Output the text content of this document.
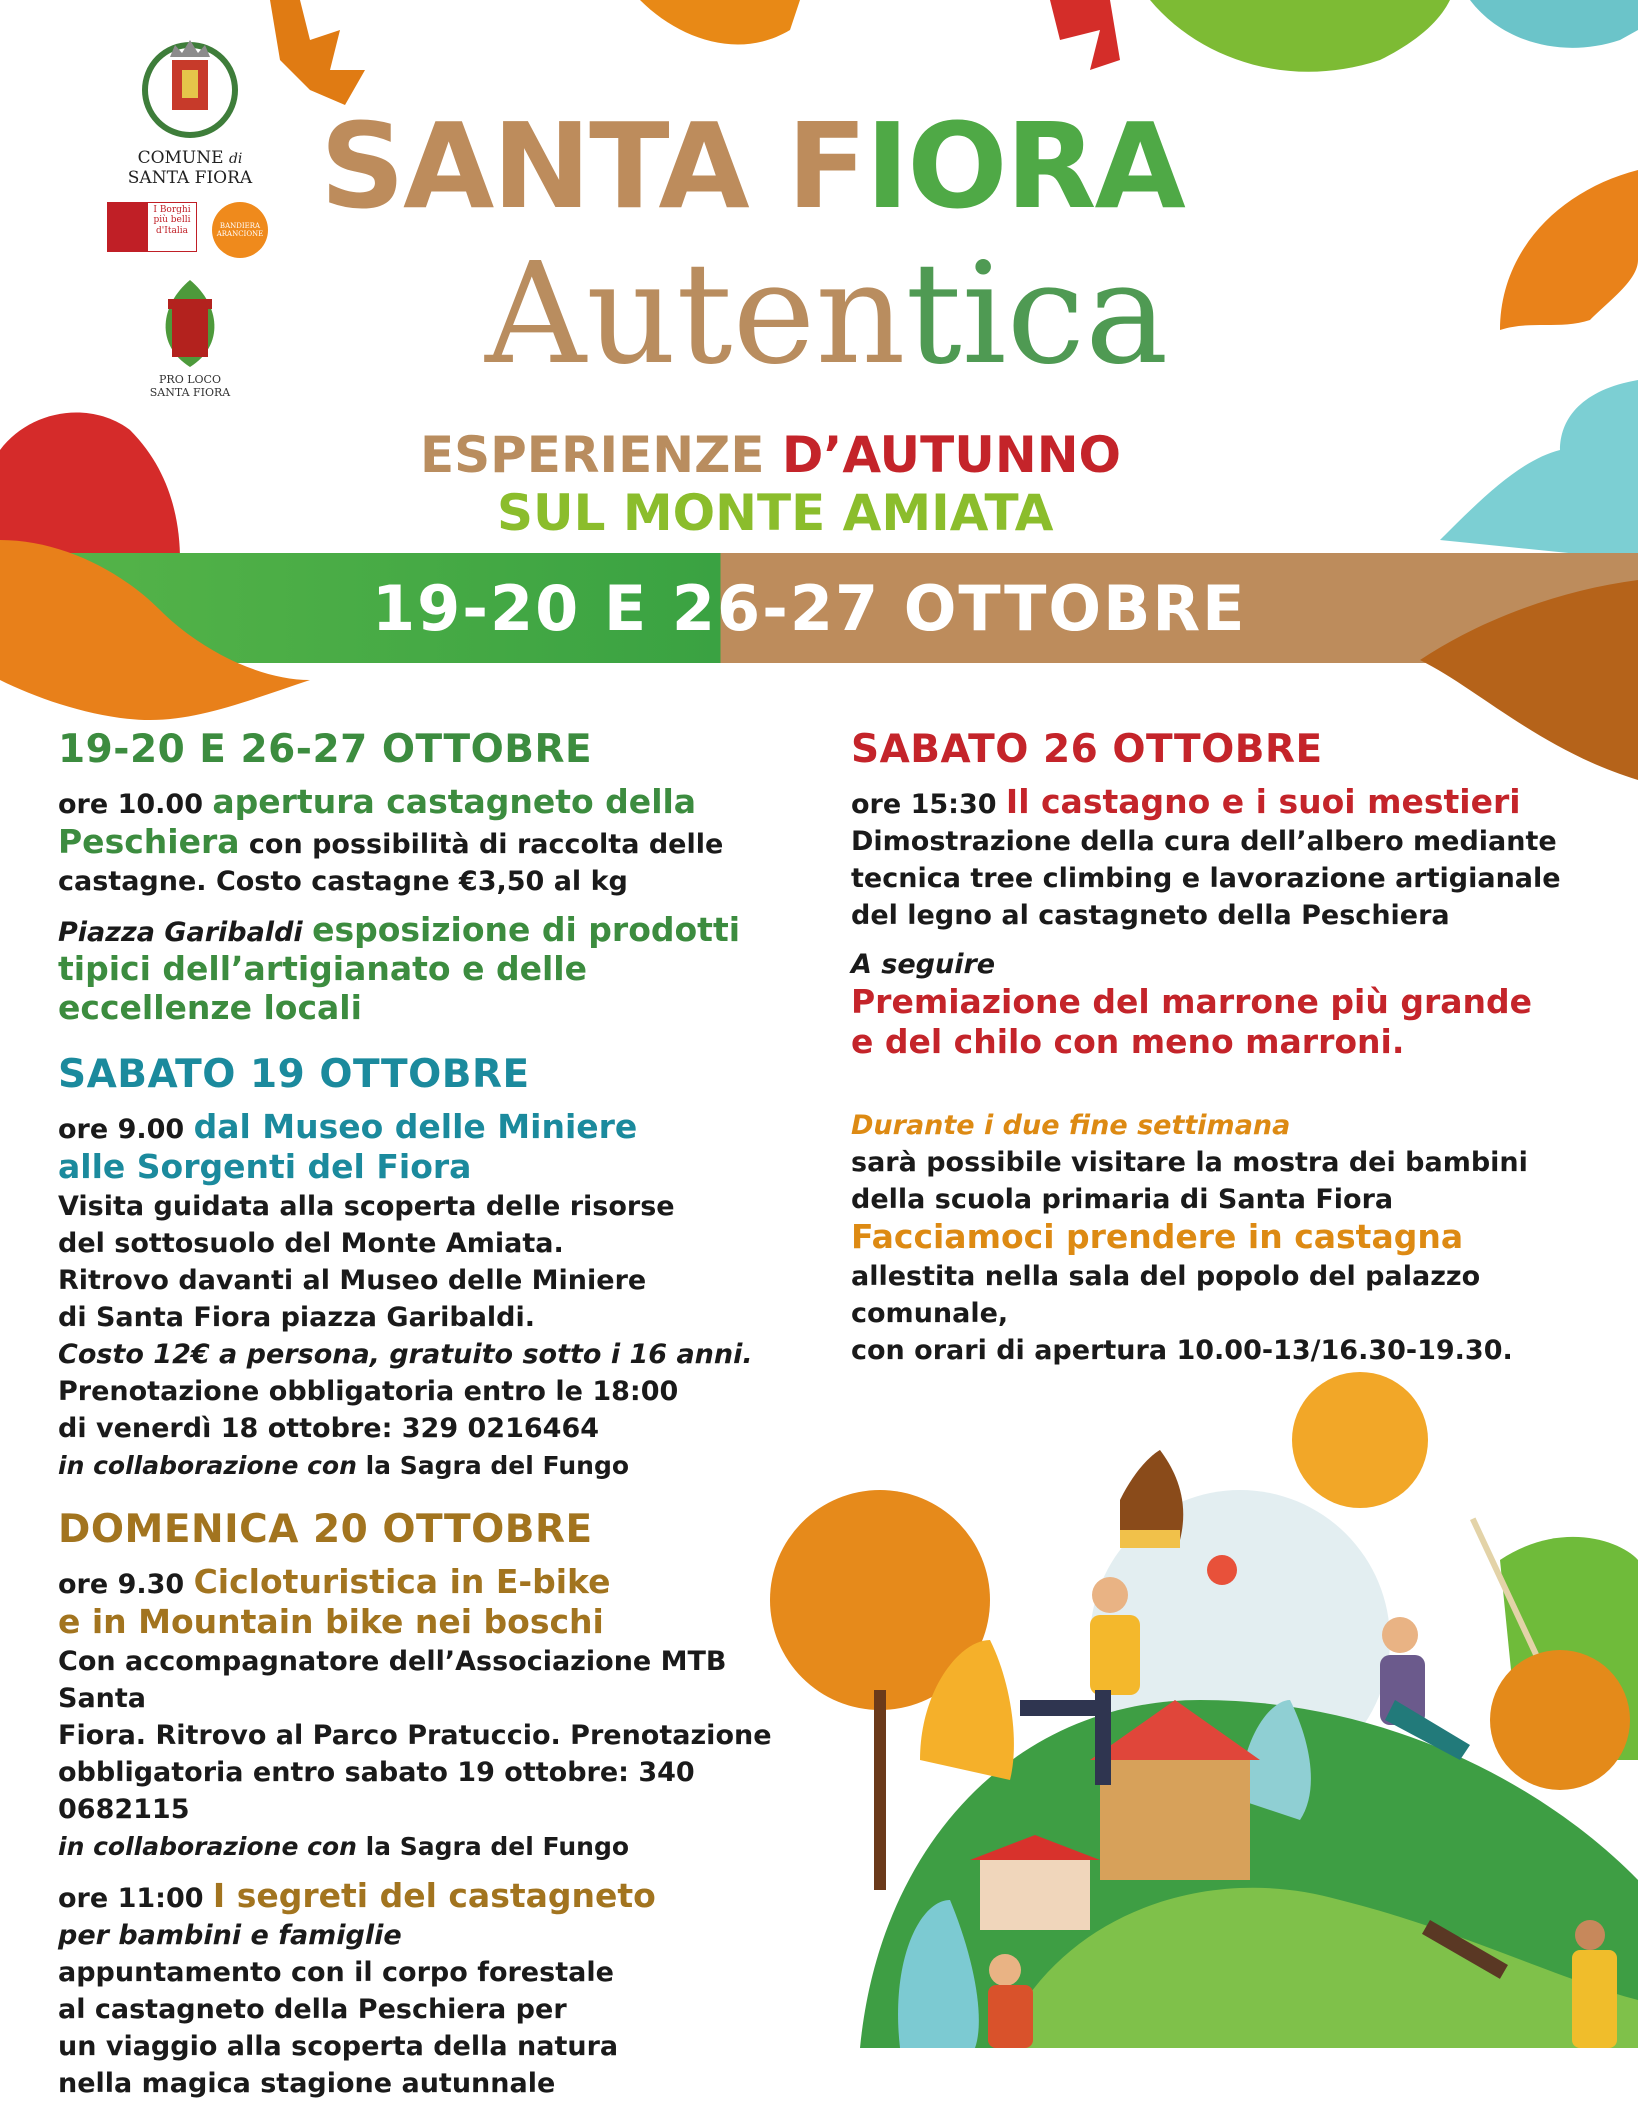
COMUNE di
SANTA FIORA
I Borghi più belli d'Italia	BANDIERA ARANCIONE
PRO LOCO
SANTA FIORA
SANTA FIORA
Autentica
ESPERIENZE D’AUTUNNO
SUL MONTE AMIATA
19-20 E 26-27 OTTOBRE
19-20 E 26-27 OTTOBRE

ore 10.00 apertura castagneto della
Peschiera con possibilità di raccolta delle
castagne. Costo castagne €3,50 al kg

Piazza Garibaldi esposizione di prodotti
tipici dell’artigianato e delle
eccellenze locali

SABATO 19 OTTOBRE

ore 9.00 dal Museo delle Miniere
alle Sorgenti del Fiora
Visita guidata alla scoperta delle risorse
del sottosuolo del Monte Amiata.
Ritrovo davanti al Museo delle Miniere
di Santa Fiora piazza Garibaldi.
Costo 12€ a persona, gratuito sotto i 16 anni.
Prenotazione obbligatoria entro le 18:00
di venerdì 18 ottobre: 329 0216464
in collaborazione con la Sagra del Fungo

DOMENICA 20 OTTOBRE

ore 9.30 Cicloturistica in E-bike
e in Mountain bike nei boschi
Con accompagnatore dell’Associazione MTB Santa
Fiora. Ritrovo al Parco Pratuccio. Prenotazione
obbligatoria entro sabato 19 ottobre: 340 0682115
in collaborazione con la Sagra del Fungo

ore 11:00 I segreti del castagneto
per bambini e famiglie
appuntamento con il corpo forestale
al castagneto della Peschiera per
un viaggio alla scoperta della natura
nella magica stagione autunnale

SABATO 26 OTTOBRE

ore 15:30 Il castagno e i suoi mestieri
Dimostrazione della cura dell’albero mediante
tecnica tree climbing e lavorazione artigianale
del legno al castagneto della Peschiera

A seguire
Premiazione del marrone più grande
e del chilo con meno marroni.

Durante i due fine settimana
sarà possibile visitare la mostra dei bambini
della scuola primaria di Santa Fiora
Facciamoci prendere in castagna
allestita nella sala del popolo del palazzo comunale,
con orari di apertura 10.00-13/16.30-19.30.
